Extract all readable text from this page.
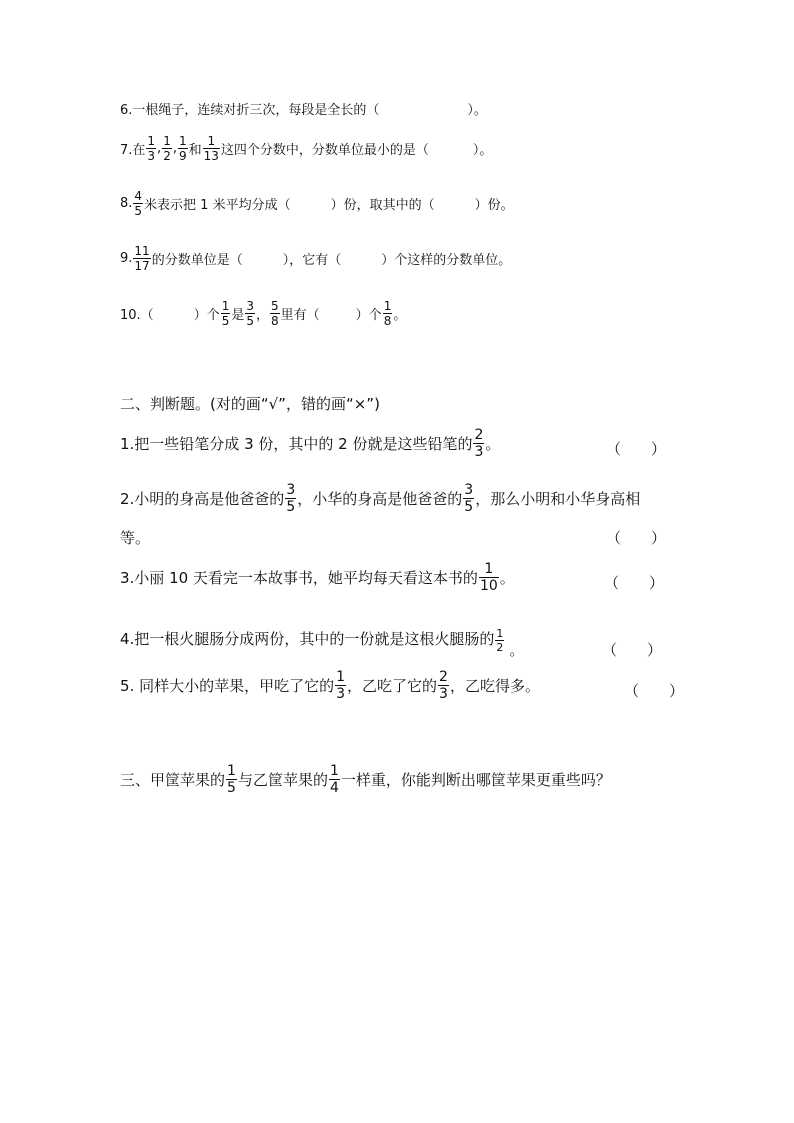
6.一根绳子，连续对折三次，每段是全长的（	）。
7.在 $\frac{1}{3}$ , $\frac{1}{2}$ , $\frac{1}{9}$ 和 $\frac{1}{13}$ 这四个分数中，分数单位最小的是（	）。
8. $\frac{4}{5}$ 米表示把 1 米平均分成（	）份，取其中的（	）份。
9. $\frac{11}{17}$ 的分数单位是（	），它有（	）个这样的分数单位。
10.（	）个 $\frac{1}{5}$ 是 $\frac{3}{5}$ ， $\frac{5}{8}$ 里有（	）个 $\frac{1}{8}$ 。
二、判断题。(对的画“√”，错的画“×”)
1.把一些铅笔分成 3 份，其中的 2 份就是这些铅笔的 $\frac{2}{3}$ 。	（　　）
2.小明的身高是他爸爸的 $\frac{3}{5}$ ，小华的身高是他爸爸的 $\frac{3}{5}$ ，那么小明和小华身高相
等。	（　　）
3.小丽 10 天看完一本故事书，她平均每天看这本书的 $\frac{1}{10}$ 。	（　　）
4.把一根火腿肠分成两份，其中的一份就是这根火腿肠的 $\frac{1}{2}$ 。	（　　）
5. 同样大小的苹果，甲吃了它的 $\frac{1}{3}$ ，乙吃了它的 $\frac{2}{3}$ ，乙吃得多。	（　　）
三、甲筐苹果的 $\frac{1}{5}$ 与乙筐苹果的 $\frac{1}{4}$ 一样重，你能判断出哪筐苹果更重些吗？
